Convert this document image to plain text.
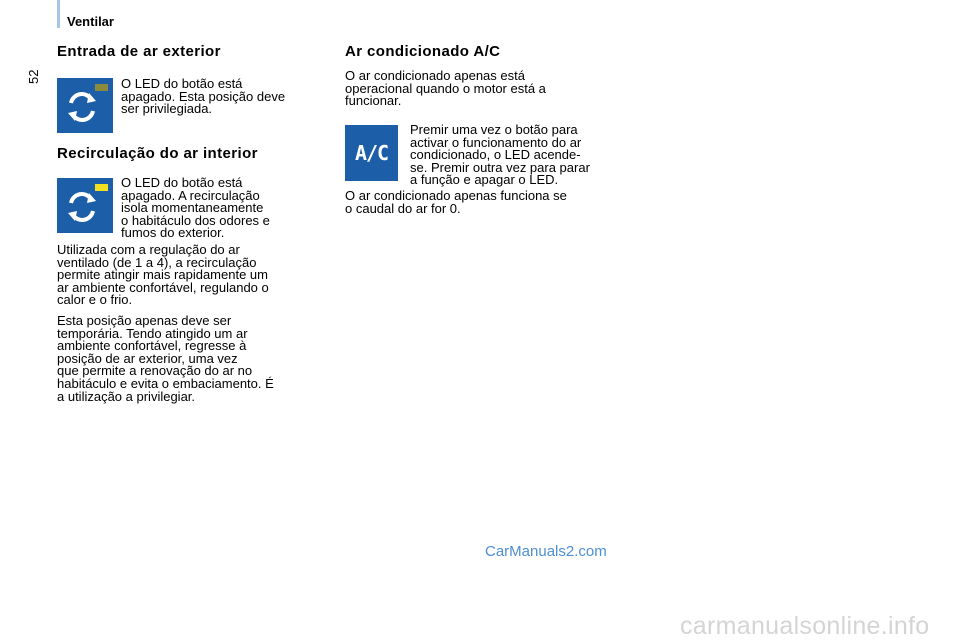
Ventilar
52
Entrada de ar exterior
O LED do botão está
apagado. Esta posição deve
ser privilegiada.
Recirculação do ar interior
O LED do botão está
apagado. A recirculação
isola momentaneamente
o habitáculo dos odores e
fumos do exterior.
Utilizada com a regulação do ar
ventilado (de 1 a 4), a recirculação
permite atingir mais rapidamente um
ar ambiente confortável, regulando o
calor e o frio.
Esta posição apenas deve ser
temporária. Tendo atingido um ar
ambiente confortável, regresse à
posição de ar exterior, uma vez
que permite a renovação do ar no
habitáculo e evita o embaciamento. É
a utilização a privilegiar.
Ar condicionado A/C
O ar condicionado apenas está
operacional quando o motor está a
funcionar.
A/C
Premir uma vez o botão para
activar o funcionamento do ar
condicionado, o LED acende-
se. Premir outra vez para parar
a função e apagar o LED.
O ar condicionado apenas funciona se
o caudal do ar for 0.
CarManuals2.com
carmanualsonline.info
